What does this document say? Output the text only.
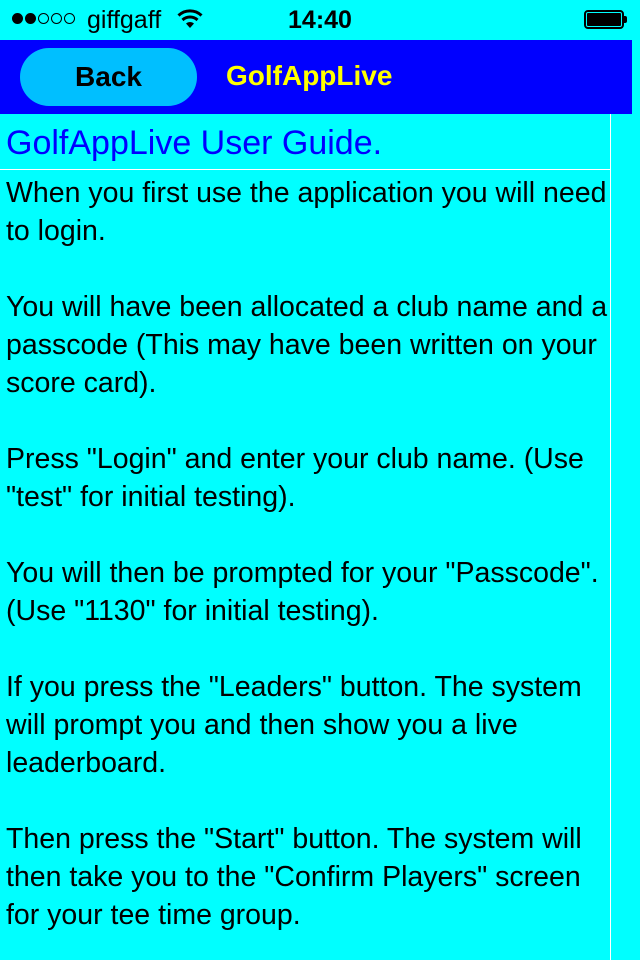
giffgaff	14:40
Back	GolfAppLive
GolfAppLive User Guide.

When you first use the application you will need to login.

You will have been allocated a club name and a passcode (This may have been written on your score card).

Press "Login" and enter your club name. (Use "test" for initial testing).

You will then be prompted for your "Passcode". (Use "1130" for initial testing).

If you press the "Leaders" button. The system will prompt you and then show you a live leaderboard.

Then press the "Start" button. The system will then take you to the "Confirm Players" screen for your tee time group.
